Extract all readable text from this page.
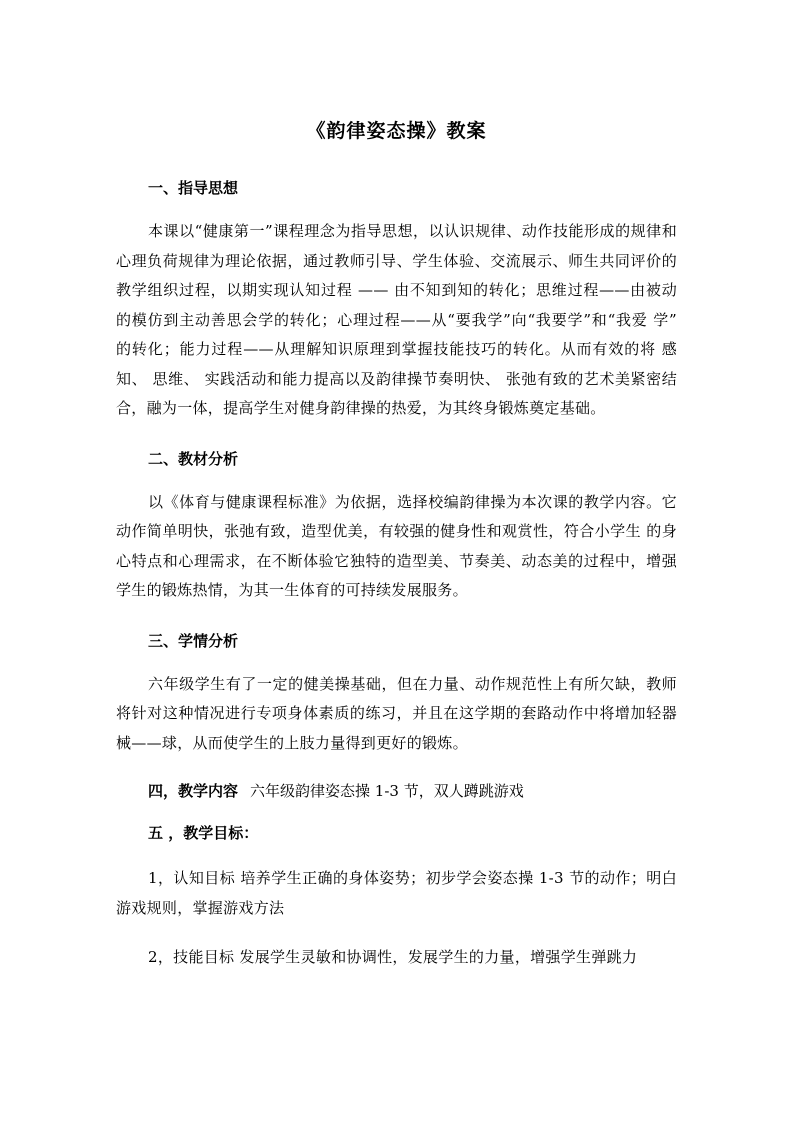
《韵律姿态操》教案

一、指导思想

本课以“健康第一”课程理念为指导思想，以认识规律、动作技能形成的规律和心理负荷规律为理论依据，通过教师引导、学生体验、交流展示、师生共同评价的教学组织过程，以期实现认知过程 —— 由不知到知的转化；思维过程——由被动 的模仿到主动善思会学的转化；心理过程——从“要我学”向“我要学”和“我爱 学” 的转化；能力过程——从理解知识原理到掌握技能技巧的转化。从而有效的将 感知、 思维、 实践活动和能力提高以及韵律操节奏明快、 张弛有致的艺术美紧密结 合，融为一体，提高学生对健身韵律操的热爱，为其终身锻炼奠定基础。

二、教材分析

以《体育与健康课程标准》为依据，选择校编韵律操为本次课的教学内容。它动作简单明快，张弛有致，造型优美，有较强的健身性和观赏性，符合小学生 的身心特点和心理需求，在不断体验它独特的造型美、节奏美、动态美的过程中，增强学生的锻炼热情，为其一生体育的可持续发展服务。

三、学情分析

六年级学生有了一定的健美操基础，但在力量、动作规范性上有所欠缺，教师将针对这种情况进行专项身体素质的练习，并且在这学期的套路动作中将增加轻器械——球，从而使学生的上肢力量得到更好的锻炼。

四，教学内容 六年级韵律姿态操 1-3 节，双人蹲跳游戏

五 ，教学目标：

1，认知目标 培养学生正确的身体姿势；初步学会姿态操 1-3 节的动作；明白游戏规则，掌握游戏方法

2，技能目标 发展学生灵敏和协调性，发展学生的力量，增强学生弹跳力
